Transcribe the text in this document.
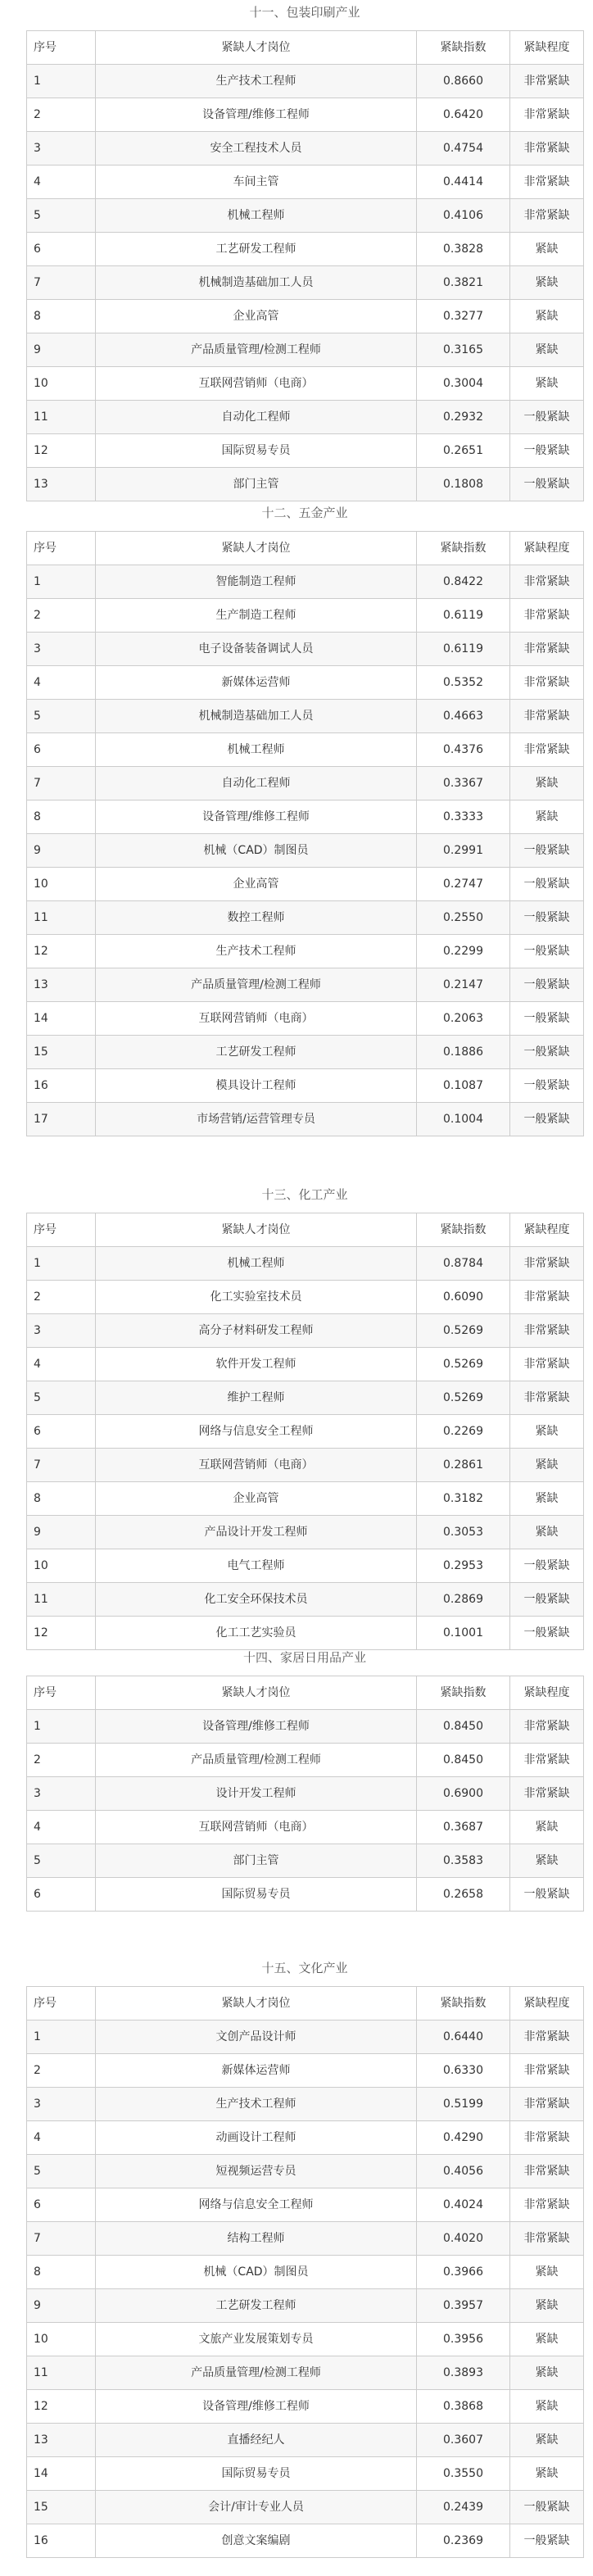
十一、包装印刷产业
序号	紧缺人才岗位	紧缺指数	紧缺程度
1	生产技术工程师	0.8660	非常紧缺
2	设备管理/维修工程师	0.6420	非常紧缺
3	安全工程技术人员	0.4754	非常紧缺
4	车间主管	0.4414	非常紧缺
5	机械工程师	0.4106	非常紧缺
6	工艺研发工程师	0.3828	紧缺
7	机械制造基础加工人员	0.3821	紧缺
8	企业高管	0.3277	紧缺
9	产品质量管理/检测工程师	0.3165	紧缺
10	互联网营销师（电商）	0.3004	紧缺
11	自动化工程师	0.2932	一般紧缺
12	国际贸易专员	0.2651	一般紧缺
13	部门主管	0.1808	一般紧缺
十二、五金产业
序号	紧缺人才岗位	紧缺指数	紧缺程度
1	智能制造工程师	0.8422	非常紧缺
2	生产制造工程师	0.6119	非常紧缺
3	电子设备装备调试人员	0.6119	非常紧缺
4	新媒体运营师	0.5352	非常紧缺
5	机械制造基础加工人员	0.4663	非常紧缺
6	机械工程师	0.4376	非常紧缺
7	自动化工程师	0.3367	紧缺
8	设备管理/维修工程师	0.3333	紧缺
9	机械（CAD）制图员	0.2991	一般紧缺
10	企业高管	0.2747	一般紧缺
11	数控工程师	0.2550	一般紧缺
12	生产技术工程师	0.2299	一般紧缺
13	产品质量管理/检测工程师	0.2147	一般紧缺
14	互联网营销师（电商）	0.2063	一般紧缺
15	工艺研发工程师	0.1886	一般紧缺
16	模具设计工程师	0.1087	一般紧缺
17	市场营销/运营管理专员	0.1004	一般紧缺
十三、化工产业
序号	紧缺人才岗位	紧缺指数	紧缺程度
1	机械工程师	0.8784	非常紧缺
2	化工实验室技术员	0.6090	非常紧缺
3	高分子材料研发工程师	0.5269	非常紧缺
4	软件开发工程师	0.5269	非常紧缺
5	维护工程师	0.5269	非常紧缺
6	网络与信息安全工程师	0.2269	紧缺
7	互联网营销师（电商）	0.2861	紧缺
8	企业高管	0.3182	紧缺
9	产品设计开发工程师	0.3053	紧缺
10	电气工程师	0.2953	一般紧缺
11	化工安全环保技术员	0.2869	一般紧缺
12	化工工艺实验员	0.1001	一般紧缺
十四、家居日用品产业
序号	紧缺人才岗位	紧缺指数	紧缺程度
1	设备管理/维修工程师	0.8450	非常紧缺
2	产品质量管理/检测工程师	0.8450	非常紧缺
3	设计开发工程师	0.6900	非常紧缺
4	互联网营销师（电商）	0.3687	紧缺
5	部门主管	0.3583	紧缺
6	国际贸易专员	0.2658	一般紧缺
十五、文化产业
序号	紧缺人才岗位	紧缺指数	紧缺程度
1	文创产品设计师	0.6440	非常紧缺
2	新媒体运营师	0.6330	非常紧缺
3	生产技术工程师	0.5199	非常紧缺
4	动画设计工程师	0.4290	非常紧缺
5	短视频运营专员	0.4056	非常紧缺
6	网络与信息安全工程师	0.4024	非常紧缺
7	结构工程师	0.4020	非常紧缺
8	机械（CAD）制图员	0.3966	紧缺
9	工艺研发工程师	0.3957	紧缺
10	文旅产业发展策划专员	0.3956	紧缺
11	产品质量管理/检测工程师	0.3893	紧缺
12	设备管理/维修工程师	0.3868	紧缺
13	直播经纪人	0.3607	紧缺
14	国际贸易专员	0.3550	紧缺
15	会计/审计专业人员	0.2439	一般紧缺
16	创意文案编剧	0.2369	一般紧缺
